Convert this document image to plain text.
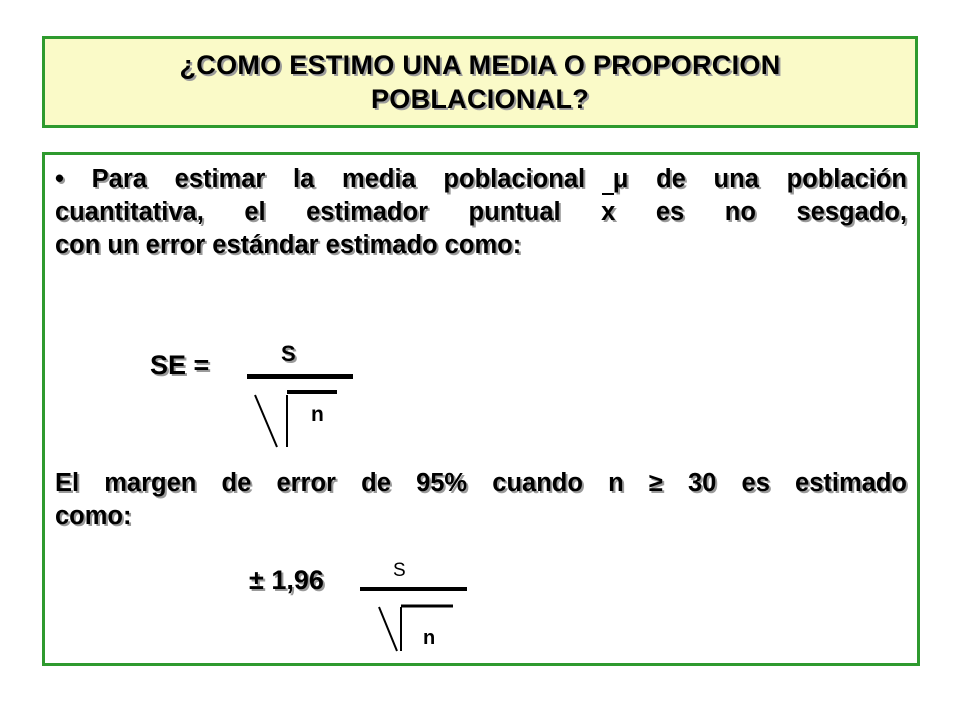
¿COMO ESTIMO UNA MEDIA O PROPORCION
POBLACIONAL?
• Para estimar la media poblacional μ de una población
cuantitativa, el estimador puntual x es no sesgado,
con un error estándar estimado como:
SE =	S
n
El margen de error de 95% cuando n ≥ 30 es estimado
como:
± 1,96	S
n
